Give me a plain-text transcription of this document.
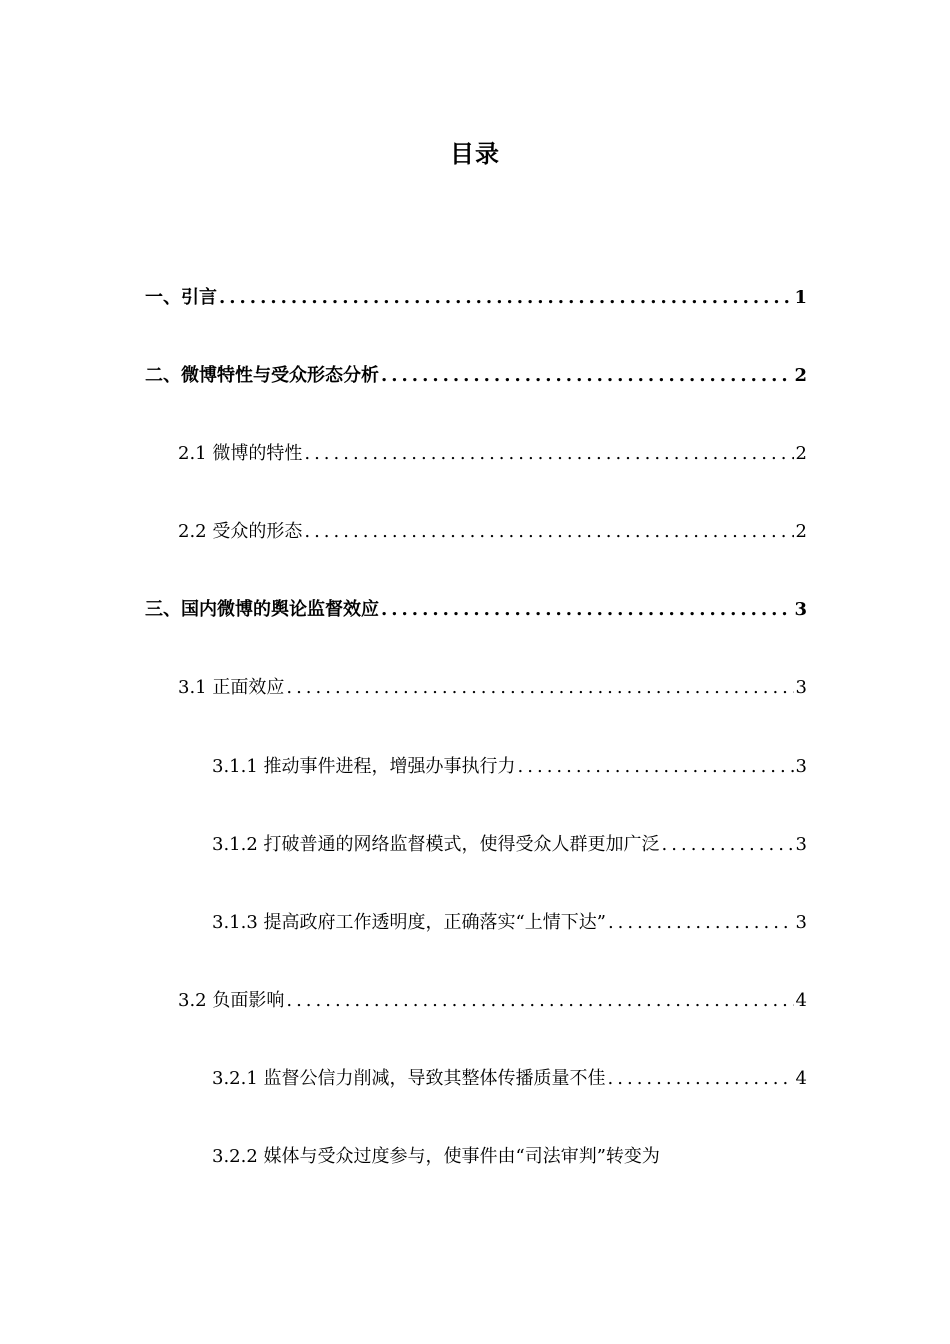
目录
一、引言 .....	1
二、微博特性与受众形态分析 .....	2
2.1 微博的特性 .....	2
2.2 受众的形态 .....	2
三、国内微博的舆论监督效应 .....	3
3.1 正面效应 .....	3
3.1.1 推动事件进程，增强办事执行力 .....	3
3.1.2 打破普通的网络监督模式，使得受众人群更加广泛 .....	3
3.1.3 提高政府工作透明度，正确落实“上情下达” .....	3
3.2 负面影响 .....	4
3.2.1 监督公信力削减，导致其整体传播质量不佳 .....	4
3.2.2 媒体与受众过度参与，使事件由“司法审判”转变为
